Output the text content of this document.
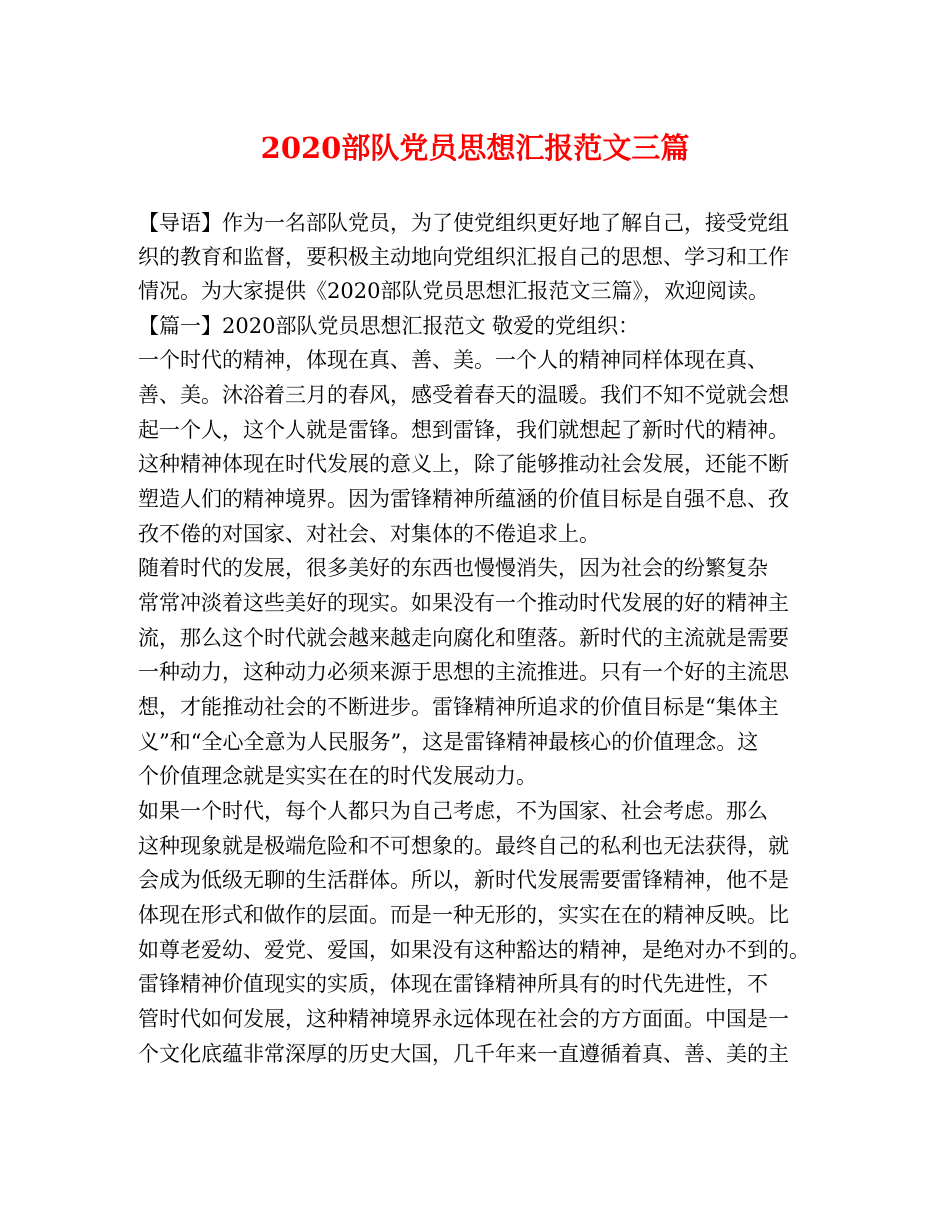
2020部队党员思想汇报范文三篇
【导语】作为一名部队党员，为了使党组织更好地了解自己，接受党组
织的教育和监督，要积极主动地向党组织汇报自己的思想、学习和工作
情况。为大家提供《2020部队党员思想汇报范文三篇》，欢迎阅读。
【篇一】2020部队党员思想汇报范文 敬爱的党组织：
一个时代的精神，体现在真、善、美。一个人的精神同样体现在真、
善、美。沐浴着三月的春风，感受着春天的温暖。我们不知不觉就会想
起一个人，这个人就是雷锋。想到雷锋，我们就想起了新时代的精神。
这种精神体现在时代发展的意义上，除了能够推动社会发展，还能不断
塑造人们的精神境界。因为雷锋精神所蕴涵的价值目标是自强不息、孜
孜不倦的对国家、对社会、对集体的不倦追求上。
随着时代的发展，很多美好的东西也慢慢消失，因为社会的纷繁复杂
常常冲淡着这些美好的现实。如果没有一个推动时代发展的好的精神主
流，那么这个时代就会越来越走向腐化和堕落。新时代的主流就是需要
一种动力，这种动力必须来源于思想的主流推进。只有一个好的主流思
想，才能推动社会的不断进步。雷锋精神所追求的价值目标是“集体主
义”和“全心全意为人民服务”，这是雷锋精神最核心的价值理念。这
个价值理念就是实实在在的时代发展动力。
如果一个时代，每个人都只为自己考虑，不为国家、社会考虑。那么
这种现象就是极端危险和不可想象的。最终自己的私利也无法获得，就
会成为低级无聊的生活群体。所以，新时代发展需要雷锋精神，他不是
体现在形式和做作的层面。而是一种无形的，实实在在的精神反映。比
如尊老爱幼、爱党、爱国，如果没有这种豁达的精神，是绝对办不到的。
雷锋精神价值现实的实质，体现在雷锋精神所具有的时代先进性，不
管时代如何发展，这种精神境界永远体现在社会的方方面面。中国是一
个文化底蕴非常深厚的历史大国，几千年来一直遵循着真、善、美的主
